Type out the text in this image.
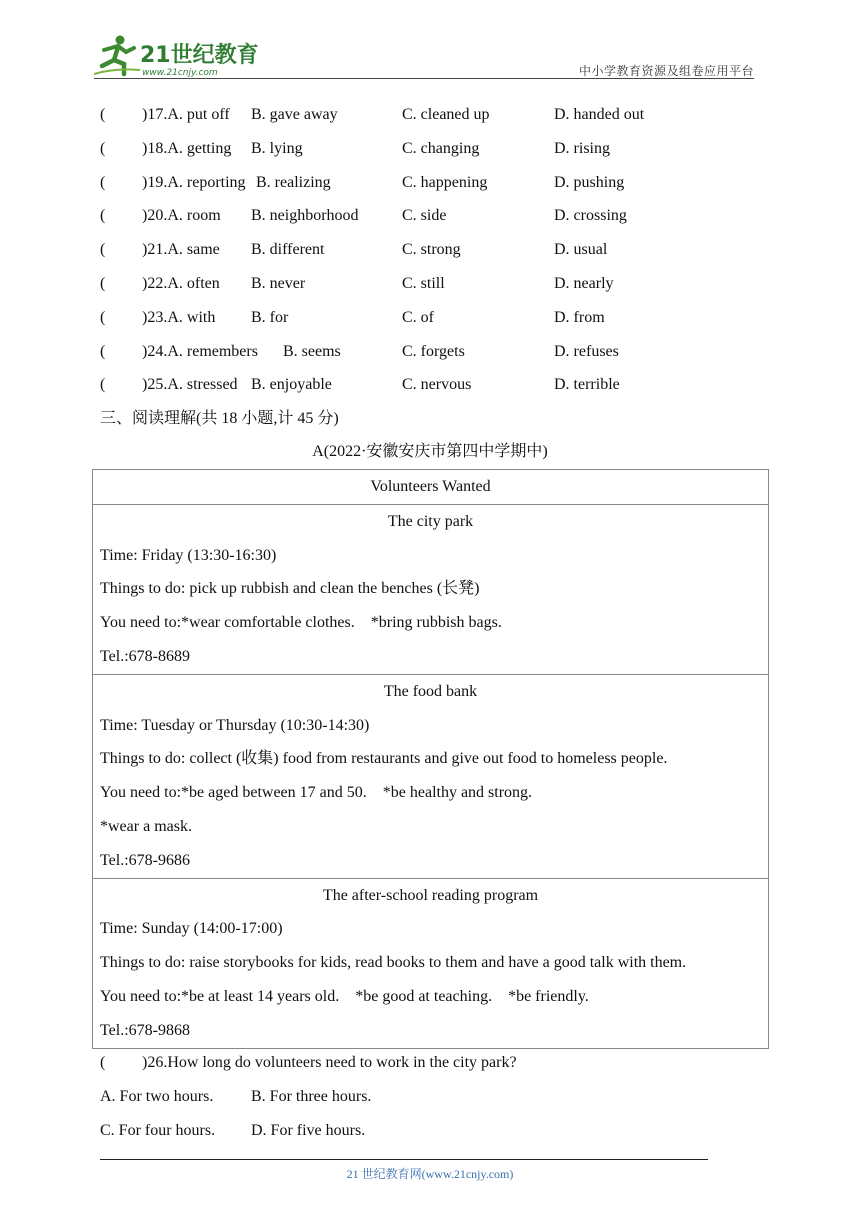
21世纪教育
www.21cnjy.com	中小学教育资源及组卷应用平台
( )17.A. put off B. gave away	C. cleaned up	D. handed out
( )18.A. getting B. lying	C. changing	D. rising
( )19.A. reporting B. realizing	C. happening	D. pushing
( )20.A. room B. neighborhood	C. side	D. crossing
( )21.A. same B. different	C. strong	D. usual
( )22.A. often B. never	C. still	D. nearly
( )23.A. with B. for	C. of	D. from
( )24.A. remembers B. seems	C. forgets	D. refuses
( )25.A. stressed B. enjoyable	C. nervous	D. terrible
三、阅读理解(共 18 小题,计 45 分)
A(2022·安徽安庆市第四中学期中)
Volunteers Wanted

The city park
Time: Friday (13:30-16:30)
Things to do: pick up rubbish and clean the benches (长凳)
You need to:*wear comfortable clothes.    *bring rubbish bags.
Tel.:678-8689

The food bank
Time: Tuesday or Thursday (10:30-14:30)
Things to do: collect (收集) food from restaurants and give out food to homeless people.
You need to:*be aged between 17 and 50.    *be healthy and strong.
*wear a mask.
Tel.:678-9686

The after-school reading program
Time: Sunday (14:00-17:00)
Things to do: raise storybooks for kids, read books to them and have a good talk with them.
You need to:*be at least 14 years old.    *be good at teaching.    *be friendly.
Tel.:678-9868
( )26.How long do volunteers need to work in the city park?
A. For two hours. B. For three hours.
C. For four hours. D. For five hours.
21 世纪教育网(www.21cnjy.com)
